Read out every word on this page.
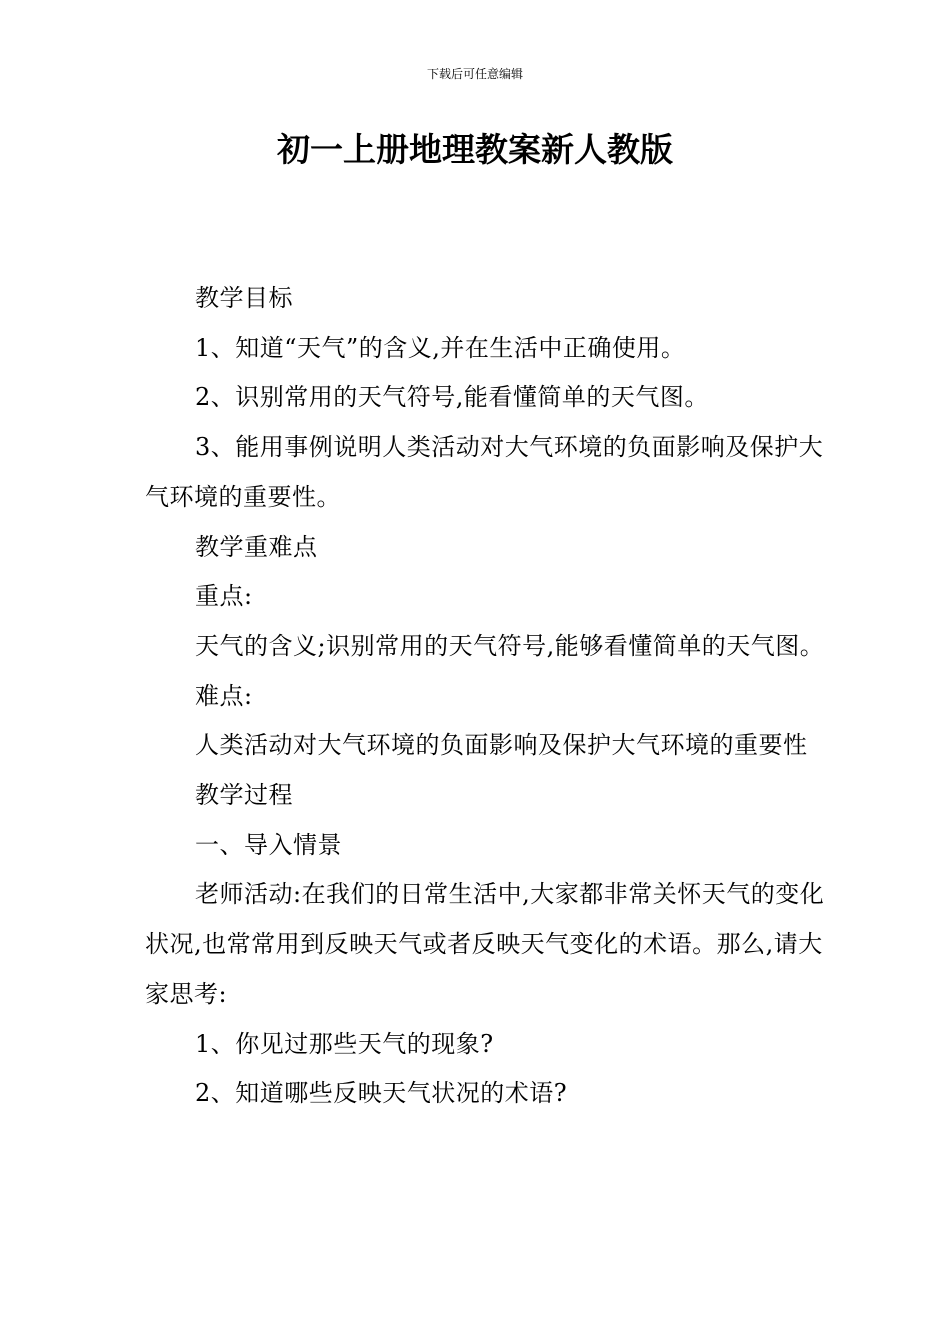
下载后可任意编辑
初一上册地理教案新人教版

教学目标

1、知道“天气”的含义,并在生活中正确使用。

2、识别常用的天气符号,能看懂简单的天气图。

3、能用事例说明人类活动对大气环境的负面影响及保护大气环境的重要性。

教学重难点

重点:

天气的含义;识别常用的天气符号,能够看懂简单的天气图。

难点:

人类活动对大气环境的负面影响及保护大气环境的重要性

教学过程

一、导入情景

老师活动:在我们的日常生活中,大家都非常关怀天气的变化状况,也常常用到反映天气或者反映天气变化的术语。那么,请大家思考:

1、你见过那些天气的现象?

2、知道哪些反映天气状况的术语?
